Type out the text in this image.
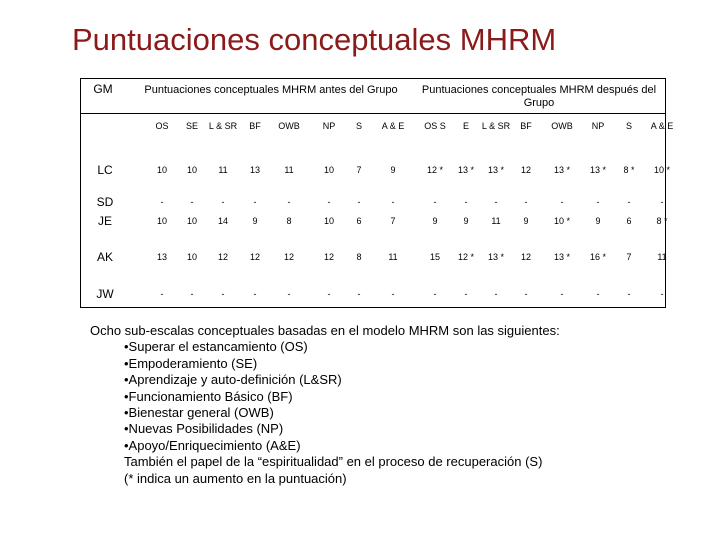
Puntuaciones conceptuales MHRM
GM	Puntuaciones conceptuales MHRM antes del Grupo	Puntuaciones conceptuales MHRM después del Grupo
OS	SE	L & SR	BF	OWB	NP	S	A & E	OS S	E	L & SR	BF	OWB	NP	S	A & E
LC	10	10	11	13	11	10	7	9	12 *	13 *	13 *	12	13 *	13 *	8 *	10 *
SD	-	-	-	-	-	-	-	-	-	-	-	-	-	-	-	-
JE	10	10	14	9	8	10	6	7	9	9	11	9	10 *	9	6	8 *
AK	13	10	12	12	12	12	8	11	15	12 *	13 *	12	13 *	16 *	7	11
JW	-	-	-	-	-	-	-	-	-	-	-	-	-	-	-	-
Ocho sub-escalas conceptuales basadas en el modelo MHRM son las siguientes:
•Superar el estancamiento (OS)
•Empoderamiento (SE)
•Aprendizaje y auto-definición (L&SR)
•Funcionamiento Básico (BF)
•Bienestar general (OWB)
•Nuevas Posibilidades (NP)
•Apoyo/Enriquecimiento (A&E)
También el papel de la “espiritualidad” en el proceso de recuperación (S)
(* indica un aumento en la puntuación)
